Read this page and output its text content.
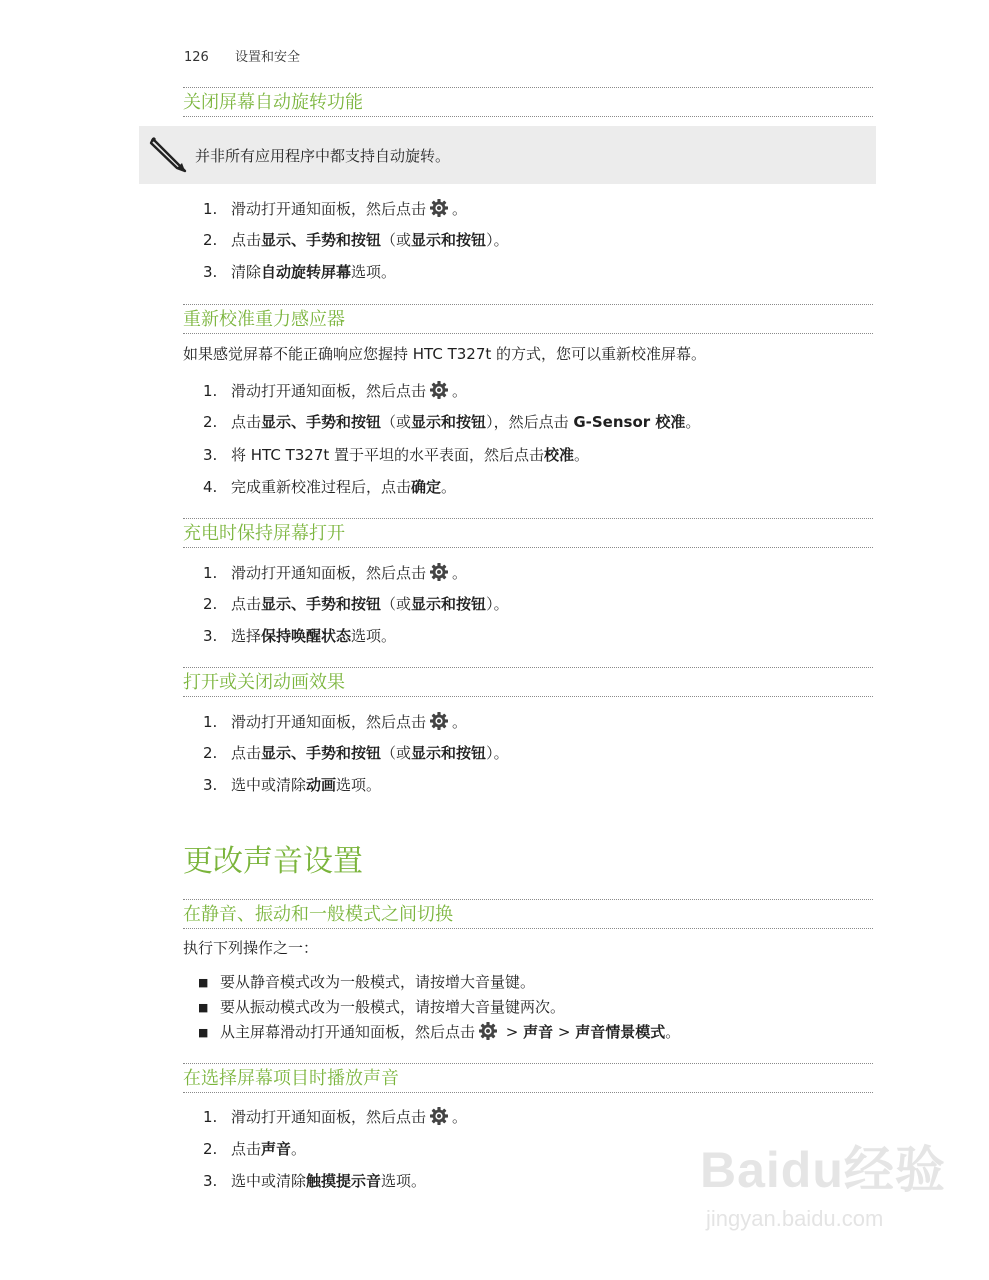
126 设置和安全
关闭屏幕自动旋转功能
并非所有应用程序中都支持自动旋转。
1. 滑动打开通知面板，然后点击 。
2. 点击显示、手势和按钮（或显示和按钮）。
3. 清除自动旋转屏幕选项。
重新校准重力感应器
如果感觉屏幕不能正确响应您握持 HTC T327t 的方式，您可以重新校准屏幕。
1. 滑动打开通知面板，然后点击 。
2. 点击显示、手势和按钮（或显示和按钮），然后点击 G-Sensor 校准。
3. 将 HTC T327t 置于平坦的水平表面，然后点击校准。
4. 完成重新校准过程后，点击确定。
充电时保持屏幕打开
1. 滑动打开通知面板，然后点击 。
2. 点击显示、手势和按钮（或显示和按钮）。
3. 选择保持唤醒状态选项。
打开或关闭动画效果
1. 滑动打开通知面板，然后点击 。
2. 点击显示、手势和按钮（或显示和按钮）。
3. 选中或清除动画选项。
更改声音设置
在静音、振动和一般模式之间切换
执行下列操作之一：
■ 要从静音模式改为一般模式，请按增大音量键。
■ 要从振动模式改为一般模式，请按增大音量键两次。
■ 从主屏幕滑动打开通知面板，然后点击 > 声音 > 声音情景模式。
在选择屏幕项目时播放声音
1. 滑动打开通知面板，然后点击 。
2. 点击声音。
3. 选中或清除触摸提示音选项。	Baidu经验
jingyan.baidu.com
